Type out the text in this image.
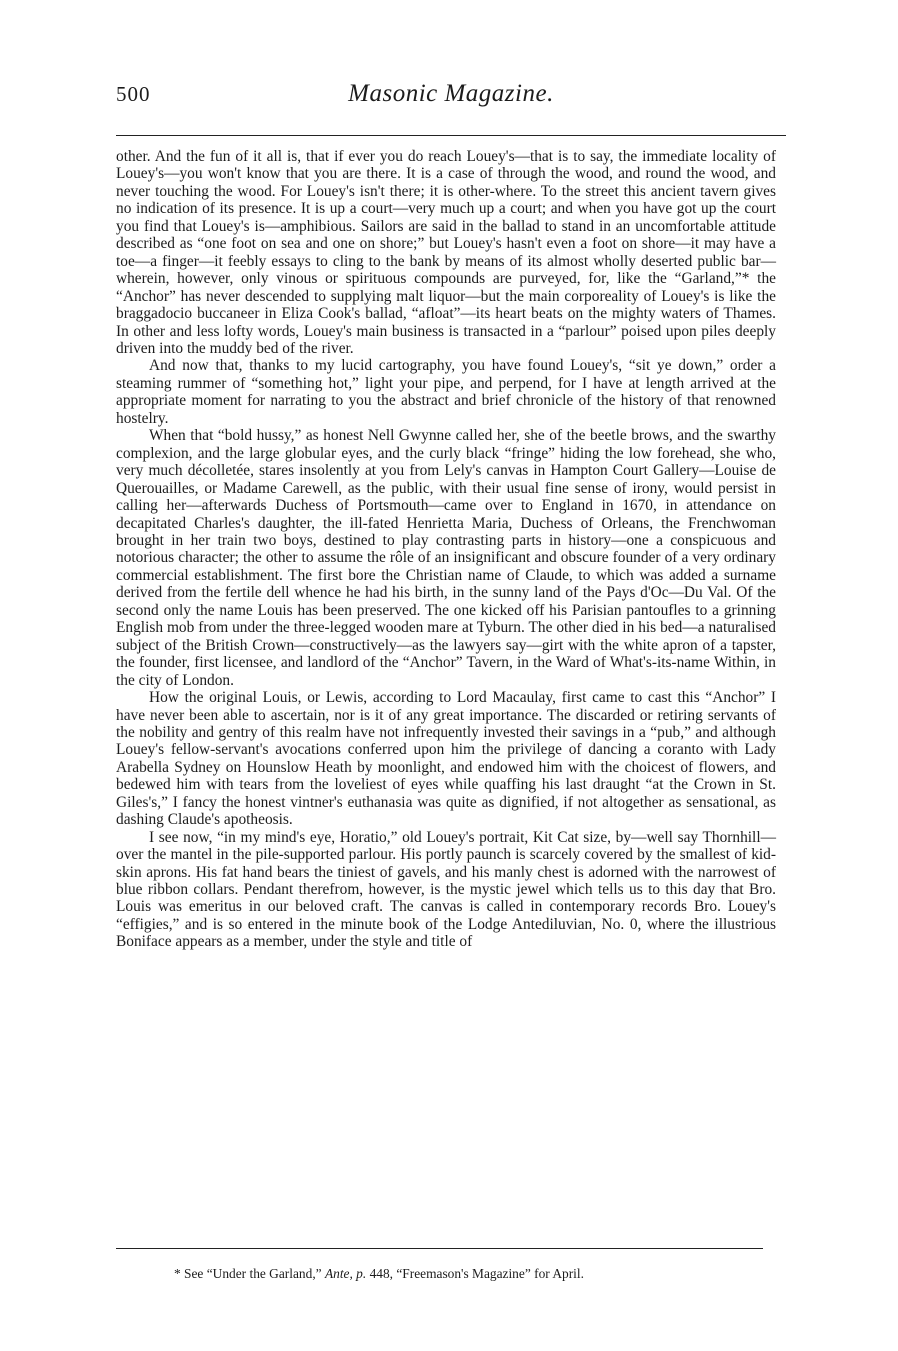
500	Masonic Magazine.

other. And the fun of it all is, that if ever you do reach Louey's—that is to say, the immediate locality of Louey's—you won't know that you are there. It is a case of through the wood, and round the wood, and never touching the wood. For Louey's isn't there; it is other-where. To the street this ancient tavern gives no indication of its presence. It is up a court—very much up a court; and when you have got up the court you find that Louey's is—amphibious. Sailors are said in the ballad to stand in an uncomfortable attitude described as “one foot on sea and one on shore;” but Louey's hasn't even a foot on shore—it may have a toe—a finger—it feebly essays to cling to the bank by means of its almost wholly deserted public bar—wherein, however, only vinous or spirituous compounds are purveyed, for, like the “Garland,”* the “Anchor” has never descended to supplying malt liquor—but the main corporeality of Louey's is like the braggadocio buccaneer in Eliza Cook's ballad, “afloat”—its heart beats on the mighty waters of Thames. In other and less lofty words, Louey's main business is transacted in a “parlour” poised upon piles deeply driven into the muddy bed of the river.

And now that, thanks to my lucid cartography, you have found Louey's, “sit ye down,” order a steaming rummer of “something hot,” light your pipe, and perpend, for I have at length arrived at the appropriate moment for narrating to you the abstract and brief chronicle of the history of that renowned hostelry.

When that “bold hussy,” as honest Nell Gwynne called her, she of the beetle brows, and the swarthy complexion, and the large globular eyes, and the curly black “fringe” hiding the low forehead, she who, very much décolletée, stares insolently at you from Lely's canvas in Hampton Court Gallery—Louise de Querouailles, or Madame Carewell, as the public, with their usual fine sense of irony, would persist in calling her—afterwards Duchess of Portsmouth—came over to England in 1670, in attendance on decapitated Charles's daughter, the ill-fated Henrietta Maria, Duchess of Orleans, the Frenchwoman brought in her train two boys, destined to play contrasting parts in history—one a conspicuous and notorious character; the other to assume the rôle of an insignificant and obscure founder of a very ordinary commercial establishment. The first bore the Christian name of Claude, to which was added a surname derived from the fertile dell whence he had his birth, in the sunny land of the Pays d'Oc—Du Val. Of the second only the name Louis has been preserved. The one kicked off his Parisian pantoufles to a grinning English mob from under the three-legged wooden mare at Tyburn. The other died in his bed—a naturalised subject of the British Crown—constructively—as the lawyers say—girt with the white apron of a tapster, the founder, first licensee, and landlord of the “Anchor” Tavern, in the Ward of What's-its-name Within, in the city of London.

How the original Louis, or Lewis, according to Lord Macaulay, first came to cast this “Anchor” I have never been able to ascertain, nor is it of any great importance. The discarded or retiring servants of the nobility and gentry of this realm have not infrequently invested their savings in a “pub,” and although Louey's fellow-servant's avocations conferred upon him the privilege of dancing a coranto with Lady Arabella Sydney on Hounslow Heath by moonlight, and endowed him with the choicest of flowers, and bedewed him with tears from the loveliest of eyes while quaffing his last draught “at the Crown in St. Giles's,” I fancy the honest vintner's euthanasia was quite as dignified, if not altogether as sensational, as dashing Claude's apotheosis.

I see now, “in my mind's eye, Horatio,” old Louey's portrait, Kit Cat size, by—well say Thornhill—over the mantel in the pile-supported parlour. His portly paunch is scarcely covered by the smallest of kid-skin aprons. His fat hand bears the tiniest of gavels, and his manly chest is adorned with the narrowest of blue ribbon collars. Pendant therefrom, however, is the mystic jewel which tells us to this day that Bro. Louis was emeritus in our beloved craft. The canvas is called in contemporary records Bro. Louey's “effigies,” and is so entered in the minute book of the Lodge Antediluvian, No. 0, where the illustrious Boniface appears as a member, under the style and title of

* See “Under the Garland,” Ante, p. 448, “Freemason's Magazine” for April.
